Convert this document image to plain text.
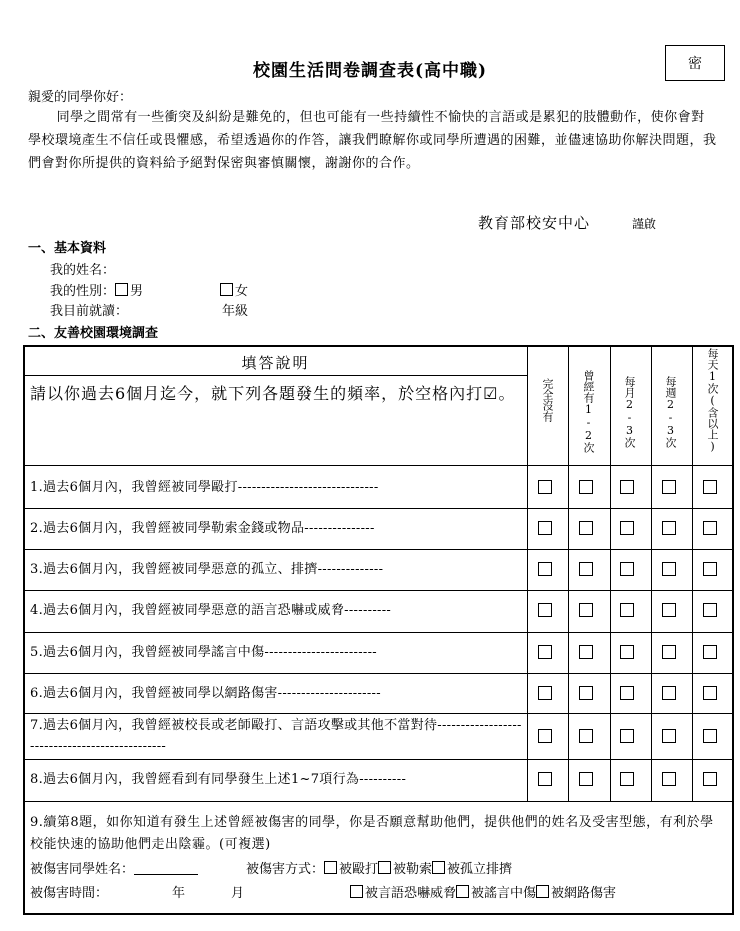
校園生活問卷調查表(高中職)	密
親愛的同學你好：
同學之間常有一些衝突及糾紛是難免的，但也可能有一些持續性不愉快的言語或是累犯的肢體動作，使你會對學校環境產生不信任或畏懼感，希望透過你的作答，讓我們瞭解你或同學所遭遇的困難，並儘速協助你解決問題，我們會對你所提供的資料給予絕對保密與審慎關懷，謝謝你的合作。
教育部校安中心	謹啟
一、基本資料
我的姓名：
我的性別： 男	女
我目前就讀：	年級
二、友善校園環境調查
填答說明
請以你過去6個月迄今，就下列各題發生的頻率，於空格內打☑。	完全沒有	曾經有1-2次	每月2-3次	每週2-3次	每天1次(含以上)
1.過去6個月內，我曾經被同學毆打------------------------------
2.過去6個月內，我曾經被同學勒索金錢或物品---------------
3.過去6個月內，我曾經被同學惡意的孤立、排擠--------------
4.過去6個月內，我曾經被同學惡意的語言恐嚇或威脅----------
5.過去6個月內，我曾經被同學謠言中傷------------------------
6.過去6個月內，我曾經被同學以網路傷害----------------------
7.過去6個月內，我曾經被校長或老師毆打、言語攻擊或其他不當對待-----------------------------------------------
8.過去6個月內，我曾經看到有同學發生上述1~7項行為----------
9.續第8題，如你知道有發生上述曾經被傷害的同學，你是否願意幫助他們，提供他們的姓名及受害型態，有利於學校能快速的協助他們走出陰霾。(可複選)
被傷害同學姓名：	被傷害方式： 被毆打 被勒索 被孤立排擠
被傷害時間：	年	月	被言語恐嚇威脅 被謠言中傷 被網路傷害
